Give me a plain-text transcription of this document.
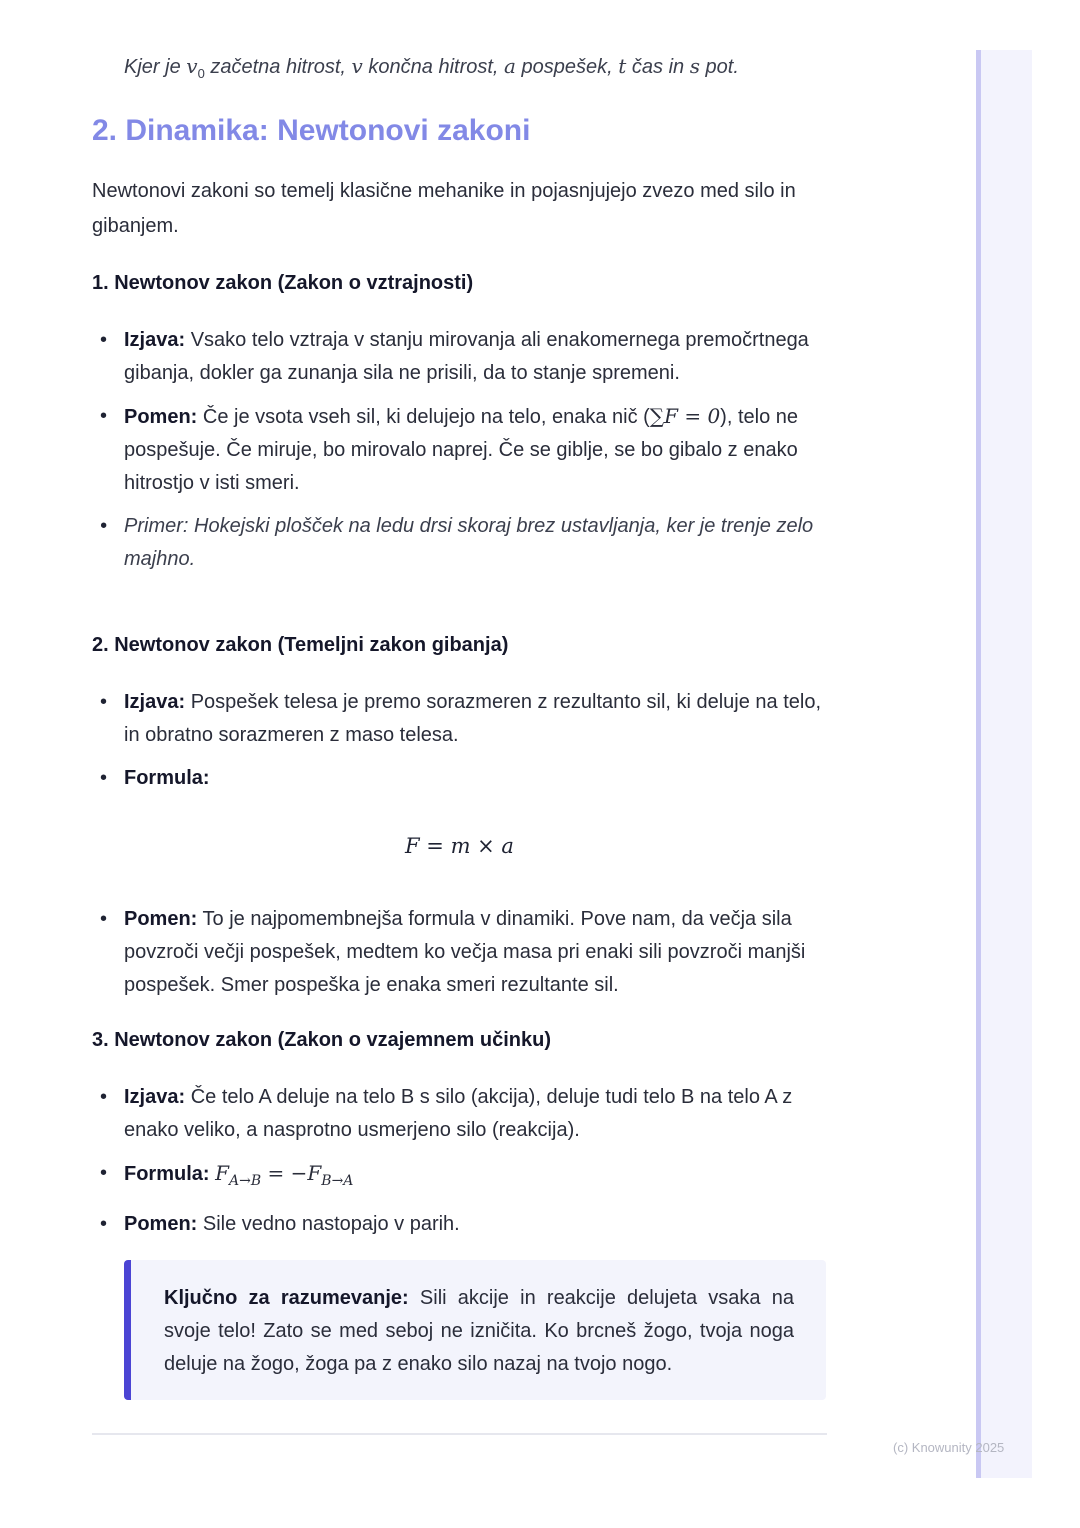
Kjer je $v_0$ začetna hitrost, v končna hitrost, a pospešek, t čas in s pot.
2. Dinamika: Newtonovi zakoni
Newtonovi zakoni so temelj klasične mehanike in pojasnjujejo zvezo med silo in gibanjem.
1. Newtonov zakon (Zakon o vztrajnosti)
• Izjava: Vsako telo vztraja v stanju mirovanja ali enakomernega premočrtnega gibanja, dokler ga zunanja sila ne prisili, da to stanje spremeni.
• Pomen: Če je vsota vseh sil, ki delujejo na telo, enaka nič (∑F = 0), telo ne pospešuje. Če miruje, bo mirovalo naprej. Če se giblje, se bo gibalo z enako hitrostjo v isti smeri.
• Primer: Hokejski plošček na ledu drsi skoraj brez ustavljanja, ker je trenje zelo majhno.
2. Newtonov zakon (Temeljni zakon gibanja)
• Izjava: Pospešek telesa je premo sorazmeren z rezultanto sil, ki deluje na telo, in obratno sorazmeren z maso telesa.
• Formula:
F = m × a
• Pomen: To je najpomembnejša formula v dinamiki. Pove nam, da večja sila povzroči večji pospešek, medtem ko večja masa pri enaki sili povzroči manjši pospešek. Smer pospeška je enaka smeri rezultante sil.
3. Newtonov zakon (Zakon o vzajemnem učinku)
• Izjava: Če telo A deluje na telo B s silo (akcija), deluje tudi telo B na telo A z enako veliko, a nasprotno usmerjeno silo (reakcija).
• Formula: $F_{A\to B} = -F_{B\to A}$
• Pomen: Sile vedno nastopajo v parih.
Ključno za razumevanje: Sili akcije in reakcije delujeta vsaka na svoje telo! Zato se med seboj ne izničita. Ko brcneš žogo, tvoja noga deluje na žogo, žoga pa z enako silo nazaj na tvojo nogo.
(c) Knowunity 2025
